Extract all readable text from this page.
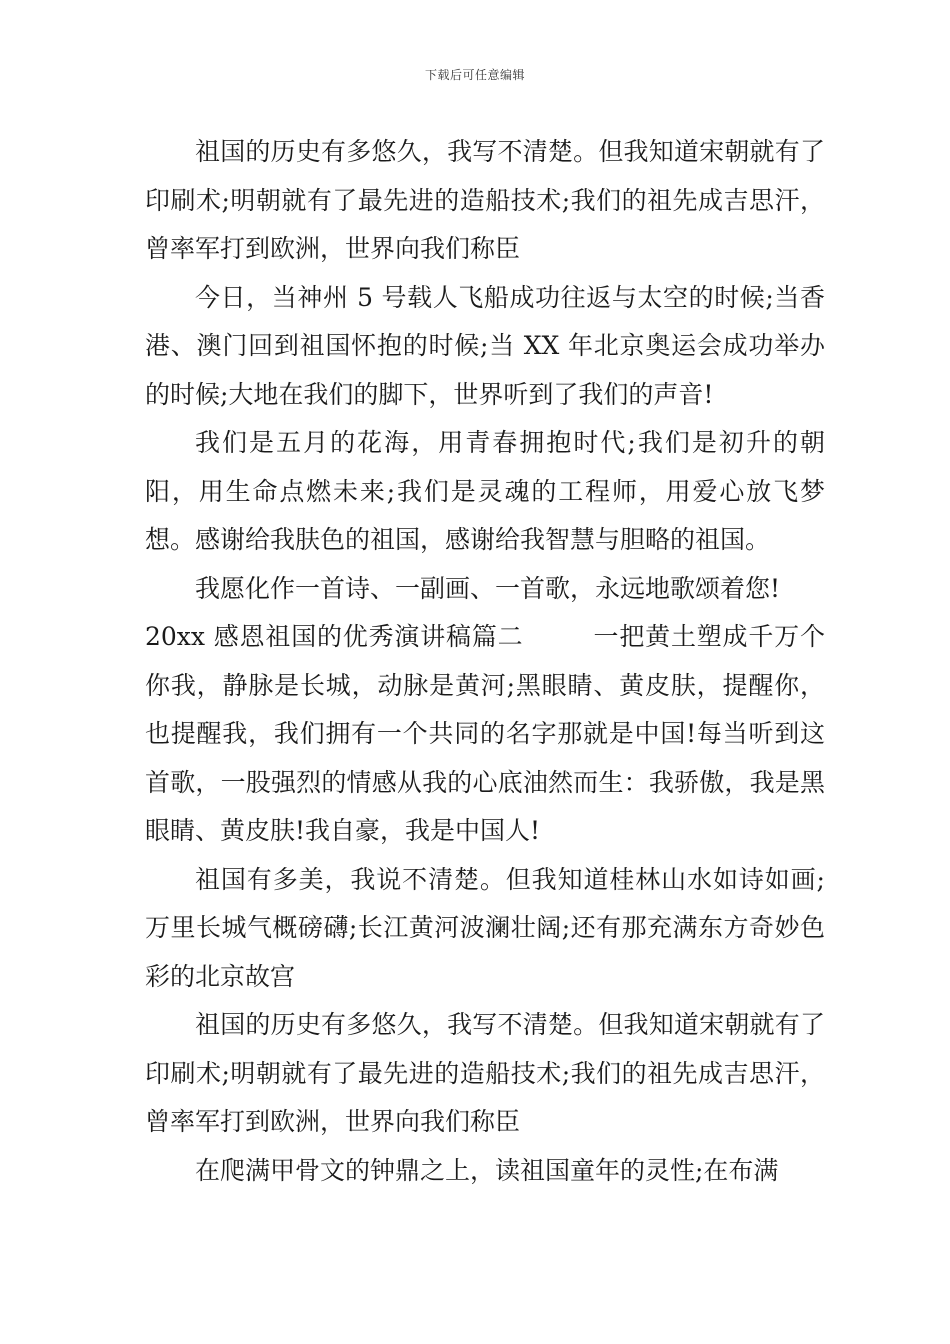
下载后可任意编辑

祖国的历史有多悠久，我写不清楚。但我知道宋朝就有了印刷术;明朝就有了最先进的造船技术;我们的祖先成吉思汗，曾率军打到欧洲，世界向我们称臣

今日，当神州 5 号载人飞船成功往返与太空的时候;当香港、澳门回到祖国怀抱的时候;当 XX 年北京奥运会成功举办的时候;大地在我们的脚下，世界听到了我们的声音!

我们是五月的花海，用青春拥抱时代;我们是初升的朝阳，用生命点燃未来;我们是灵魂的工程师，用爱心放飞梦想。感谢给我肤色的祖国，感谢给我智慧与胆略的祖国。

我愿化作一首诗、一副画、一首歌，永远地歌颂着您!

20xx 感恩祖国的优秀演讲稿篇二	一把黄土塑成千万个你我，静脉是长城，动脉是黄河;黑眼睛、黄皮肤，提醒你，也提醒我，我们拥有一个共同的名字那就是中国!每当听到这首歌，一股强烈的情感从我的心底油然而生：我骄傲，我是黑眼睛、黄皮肤!我自豪，我是中国人!

祖国有多美，我说不清楚。但我知道桂林山水如诗如画;万里长城气概磅礴;长江黄河波澜壮阔;还有那充满东方奇妙色彩的北京故宫

祖国的历史有多悠久，我写不清楚。但我知道宋朝就有了印刷术;明朝就有了最先进的造船技术;我们的祖先成吉思汗，曾率军打到欧洲，世界向我们称臣

在爬满甲骨文的钟鼎之上，读祖国童年的灵性;在布满
